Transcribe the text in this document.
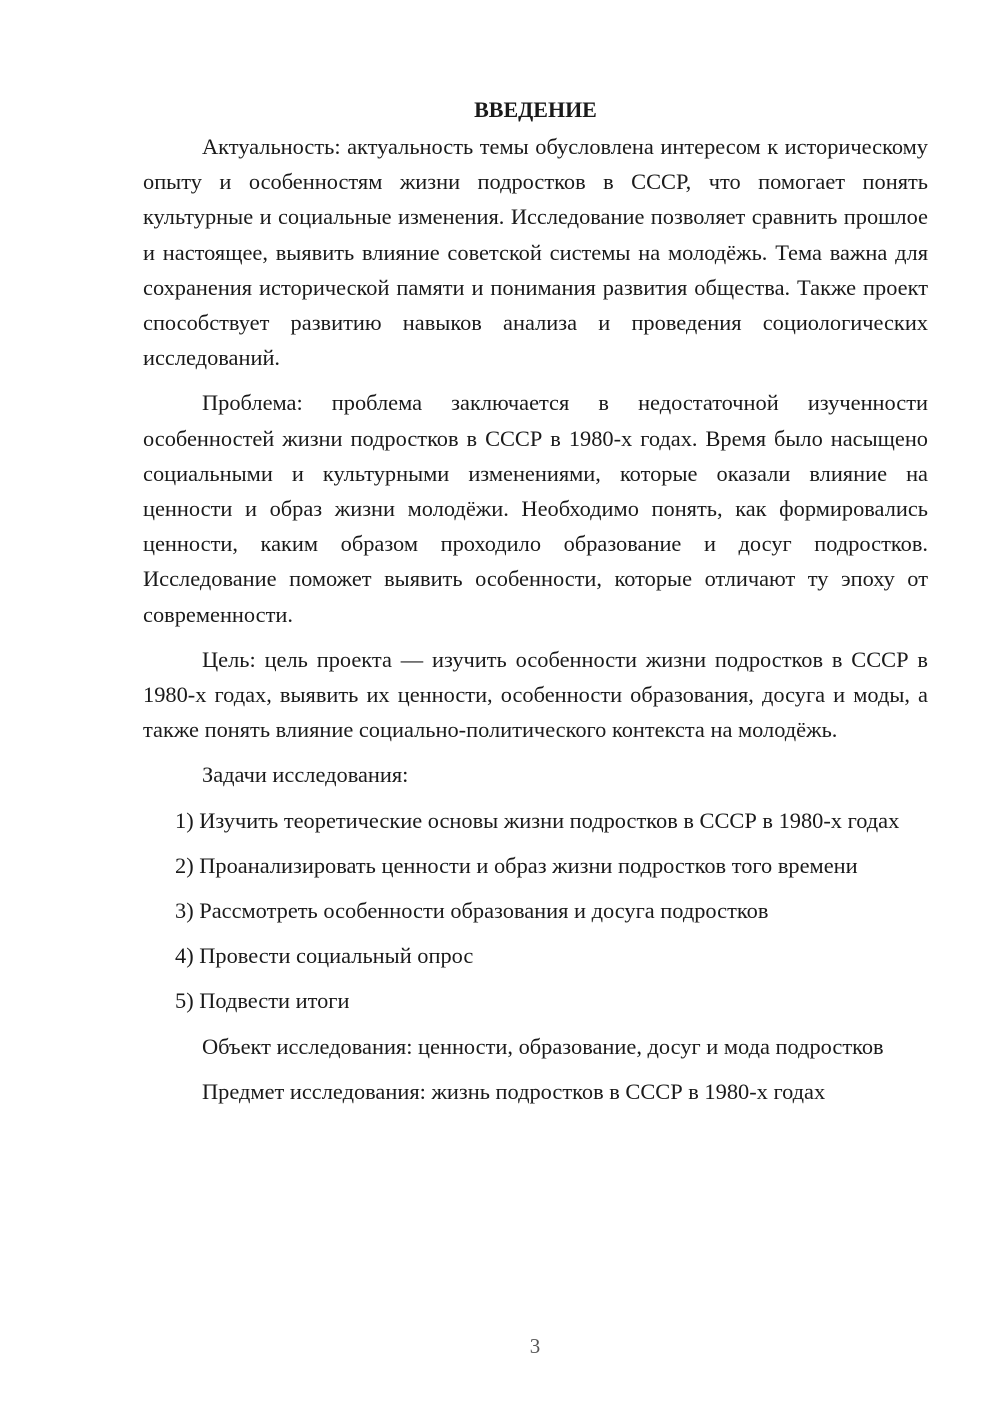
ВВЕДЕНИЕ

Актуальность: актуальность темы обусловлена интересом к историческому опыту и особенностям жизни подростков в СССР, что помогает понять культурные и социальные изменения. Исследование позволяет сравнить прошлое и настоящее, выявить влияние советской системы на молодёжь. Тема важна для сохранения исторической памяти и понимания развития общества. Также проект способствует развитию навыков анализа и проведения социологических исследований.

Проблема: проблема заключается в недостаточной изученности особенностей жизни подростков в СССР в 1980‑х годах. Время было насыщено социальными и культурными изменениями, которые оказали влияние на ценности и образ жизни молодёжи. Необходимо понять, как формировались ценности, каким образом проходило образование и досуг подростков. Исследование поможет выявить особенности, которые отличают ту эпоху от современности.

Цель: цель проекта — изучить особенности жизни подростков в СССР в 1980‑х годах, выявить их ценности, особенности образования, досуга и моды, а также понять влияние социально-политического контекста на молодёжь.

Задачи исследования:

1) Изучить теоретические основы жизни подростков в СССР в 1980‑х годах

2) Проанализировать ценности и образ жизни подростков того времени

3) Рассмотреть особенности образования и досуга подростков

4) Провести социальный опрос

5) Подвести итоги

Объект исследования: ценности, образование, досуг и мода подростков

Предмет исследования: жизнь подростков в СССР в 1980‑х годах

3
